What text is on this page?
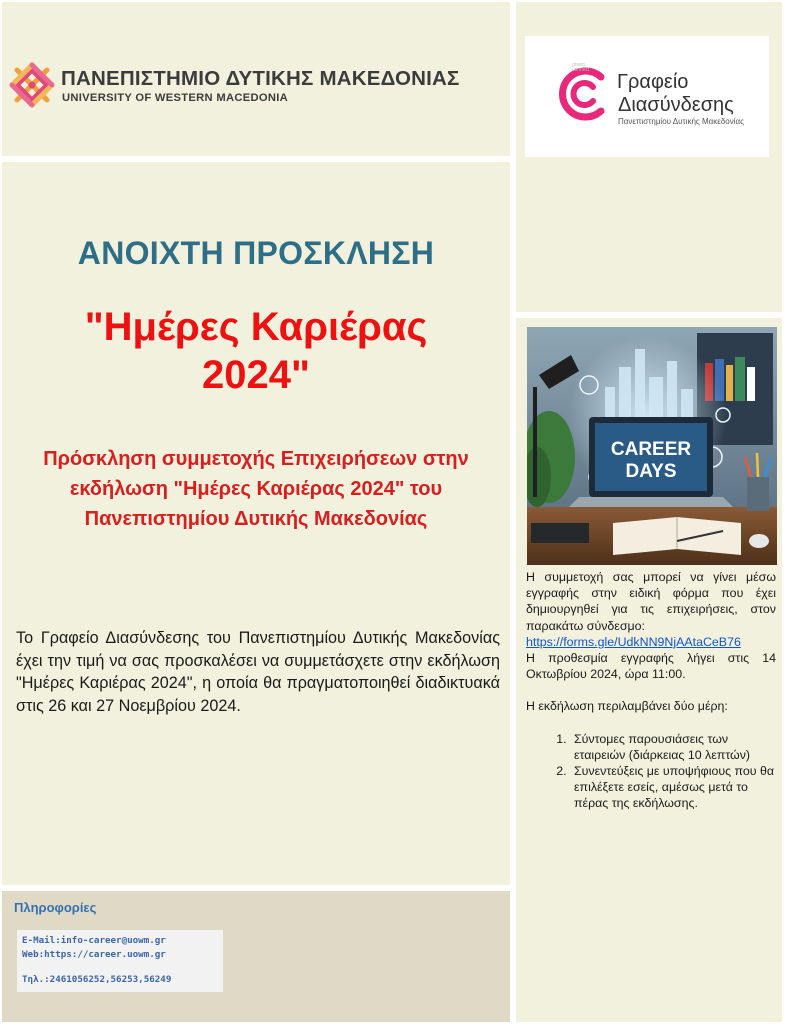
ΠΑΝΕΠΙΣΤΗΜΙΟ ΔΥΤΙΚΗΣ ΜΑΚΕΔΟΝΙΑΣ
UNIVERSITY OF WESTERN MACEDONIA
green
connect
Γραφείο
Διασύνδεσης
Πανεπιστημίου Δυτικής Μακεδονίας
ΑΝΟΙΧΤΗ ΠΡΟΣΚΛΗΣΗ
"Ημέρες Καριέρας 2024"
Πρόσκληση συμμετοχής Επιχειρήσεων στην εκδήλωση "Ημέρες Καριέρας 2024" του Πανεπιστημίου Δυτικής Μακεδονίας
Το Γραφείο Διασύνδεσης του Πανεπιστημίου Δυτικής Μακεδονίας έχει την τιμή να σας προσκαλέσει να συμμετάσχετε στην εκδήλωση "Ημέρες Καριέρας 2024", η οποία θα πραγματοποιηθεί διαδικτυακά στις 26 και 27 Νοεμβρίου 2024.
Πληροφορίες
E-Mail:info-career@uowm.gr
Web:https://career.uowm.gr
Τηλ.:2461056252,56253,56249
CAREER
DAYS

Η συμμετοχή σας μπορεί να γίνει μέσω εγγραφής στην ειδική φόρμα που έχει δημιουργηθεί για τις επιχειρήσεις, στον παρακάτω σύνδεσμο:

https://forms.gle/UdkNN9NjAAtaCeB76

Η προθεσμία εγγραφής λήγει στις 14 Οκτωβρίου 2024, ώρα 11:00.

Η εκδήλωση περιλαμβάνει δύο μέρη:

1. Σύντομες παρουσιάσεις των εταιρειών (διάρκειας 10 λεπτών)
2. Συνεντεύξεις με υποψήφιους που θα επιλέξετε εσείς, αμέσως μετά το πέρας της εκδήλωσης.
